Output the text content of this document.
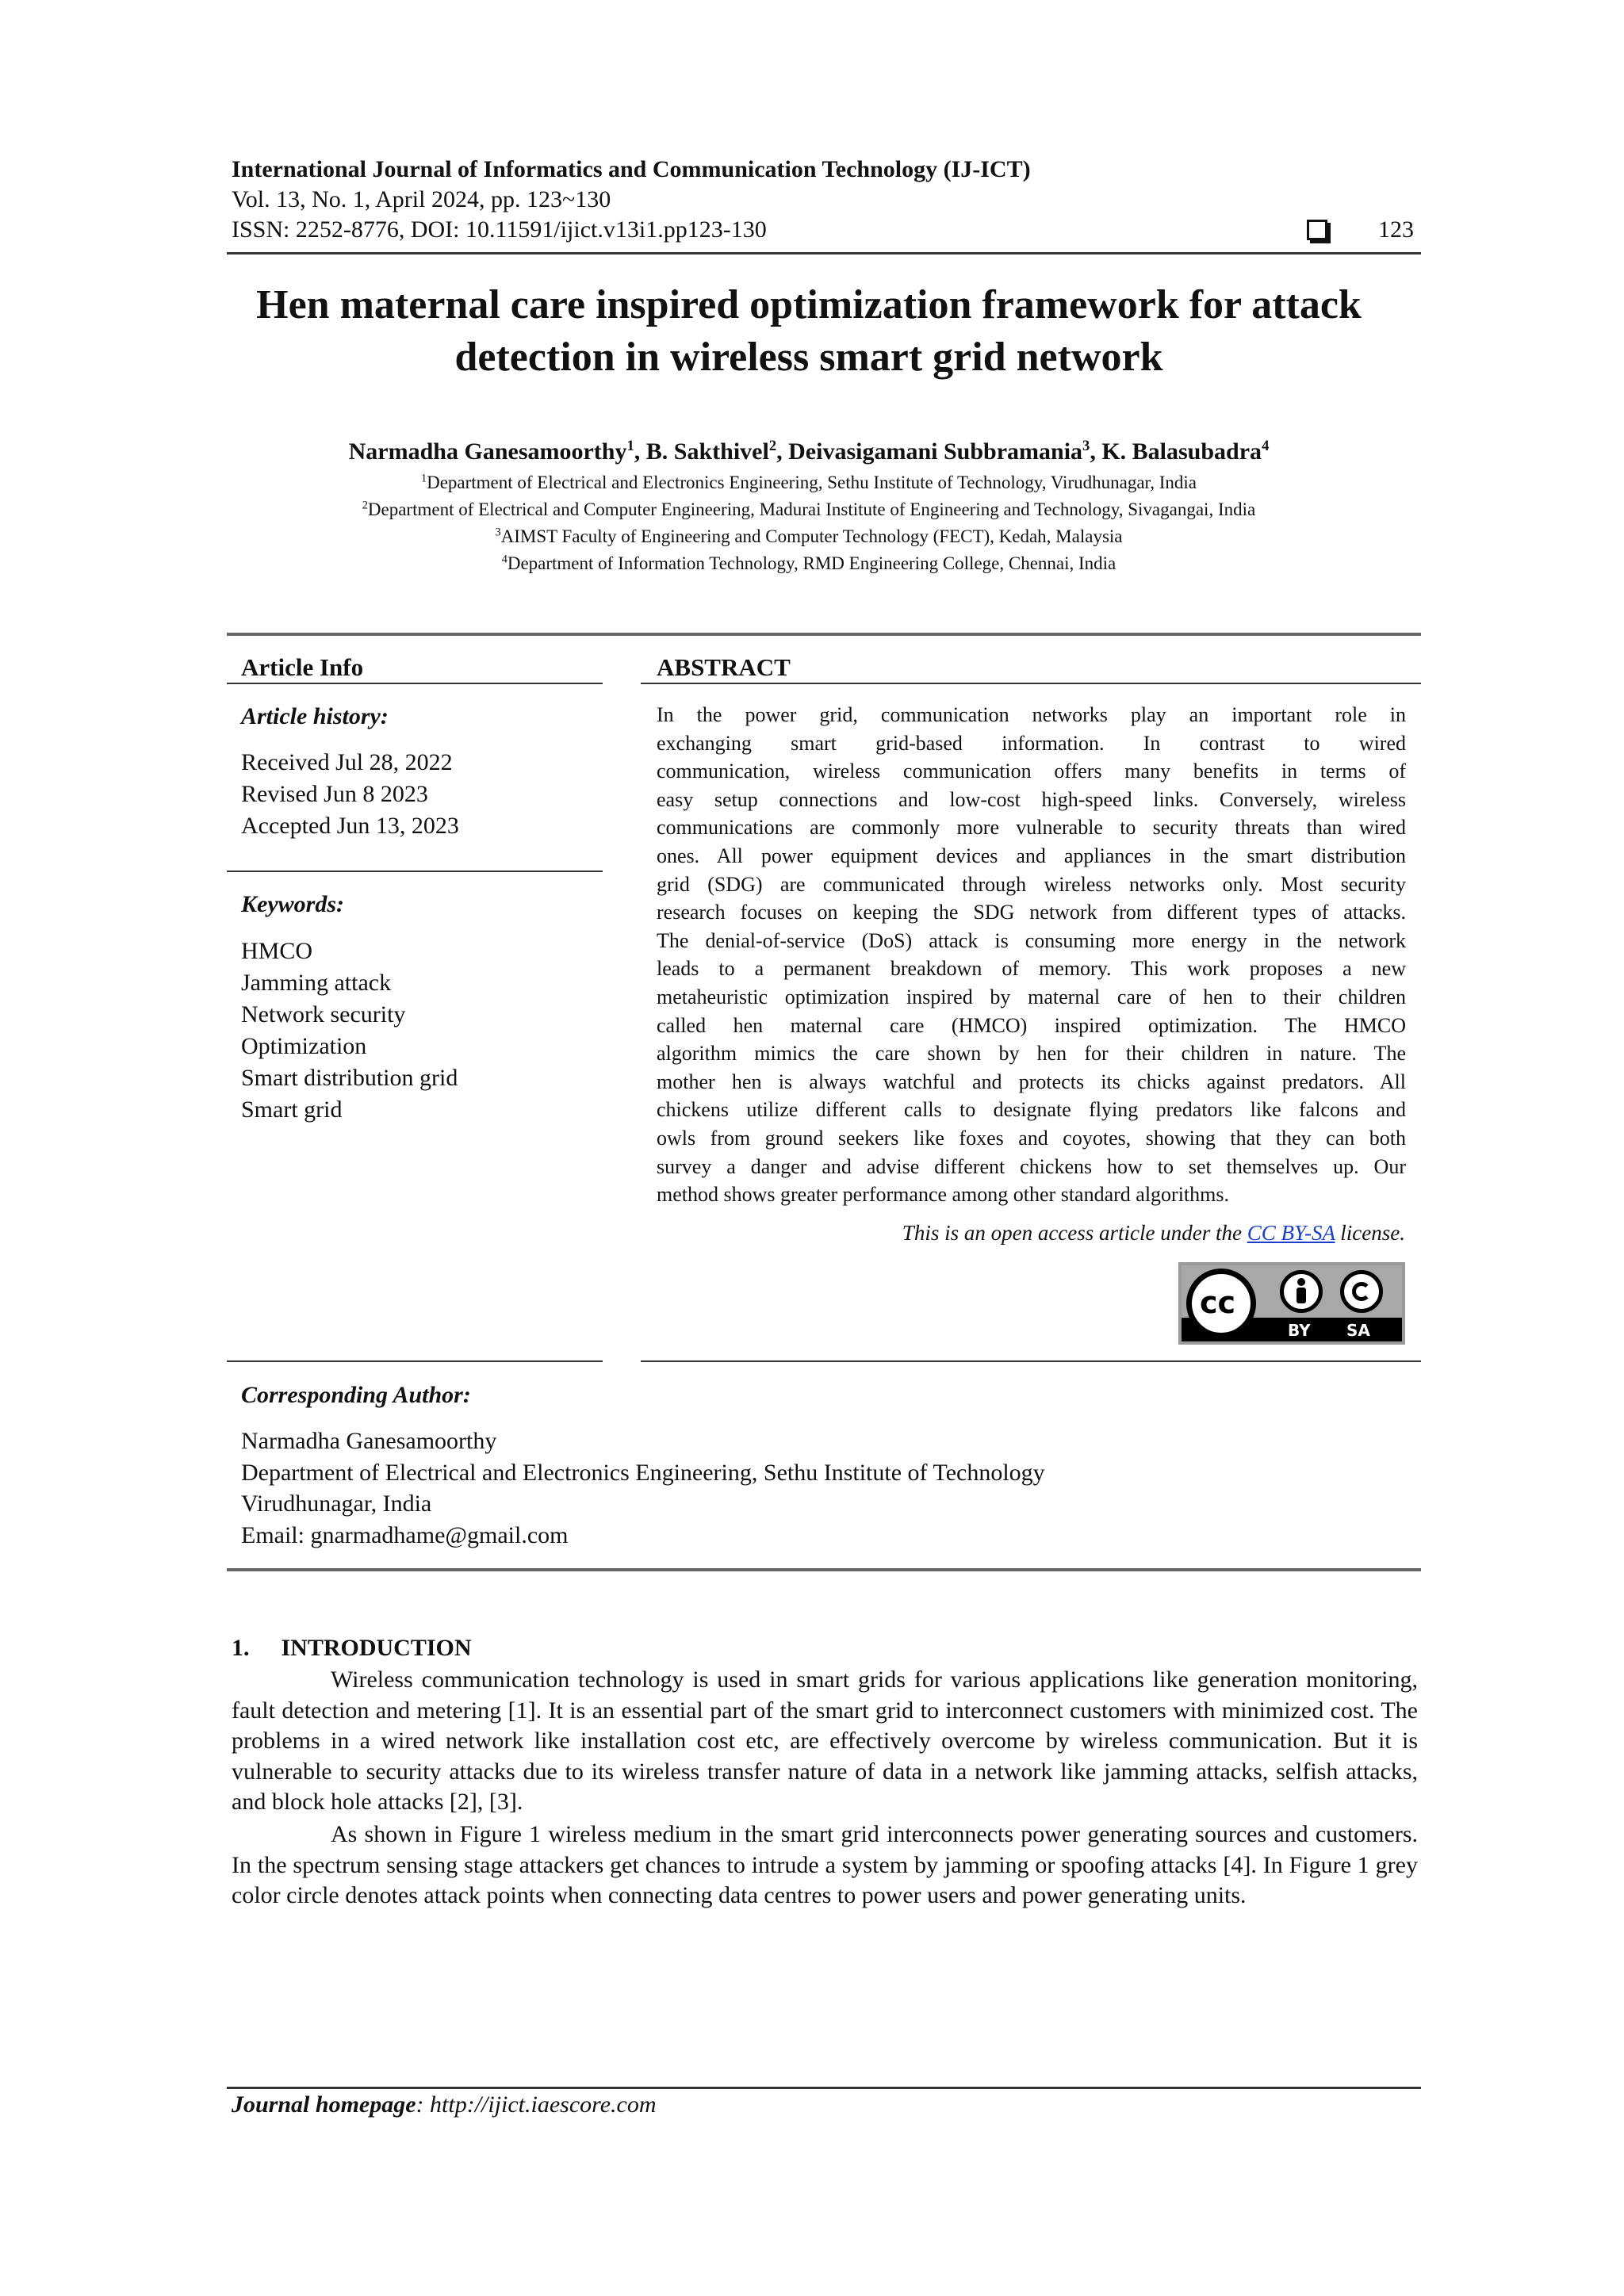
International Journal of Informatics and Communication Technology (IJ-ICT)
Vol. 13, No. 1, April 2024, pp. 123~130
ISSN: 2252-8776, DOI: 10.11591/ijict.v13i1.pp123-130	123
Hen maternal care inspired optimization framework for attack
detection in wireless smart grid network
Narmadha Ganesamoorthy$^1$, B. Sakthivel$^2$, Deivasigamani Subbramania$^3$, K. Balasubadra$^4$
$^1$Department of Electrical and Electronics Engineering, Sethu Institute of Technology, Virudhunagar, India
$^2$Department of Electrical and Computer Engineering, Madurai Institute of Engineering and Technology, Sivagangai, India
$^3$AIMST Faculty of Engineering and Computer Technology (FECT), Kedah, Malaysia
$^4$Department of Information Technology, RMD Engineering College, Chennai, India
Article Info
Article history:
Received Jul 28, 2022
Revised Jun 8 2023
Accepted Jun 13, 2023
Keywords:
HMCO
Jamming attack
Network security
Optimization
Smart distribution grid
Smart grid
ABSTRACT
In the power grid, communication networks play an important role in
exchanging smart grid-based information. In contrast to wired
communication, wireless communication offers many benefits in terms of
easy setup connections and low-cost high-speed links. Conversely, wireless
communications are commonly more vulnerable to security threats than wired
ones. All power equipment devices and appliances in the smart distribution
grid (SDG) are communicated through wireless networks only. Most security
research focuses on keeping the SDG network from different types of attacks.
The denial-of-service (DoS) attack is consuming more energy in the network
leads to a permanent breakdown of memory. This work proposes a new
metaheuristic optimization inspired by maternal care of hen to their children
called hen maternal care (HMCO) inspired optimization. The HMCO
algorithm mimics the care shown by hen for their children in nature. The
mother hen is always watchful and protects its chicks against predators. All
chickens utilize different calls to designate flying predators like falcons and
owls from ground seekers like foxes and coyotes, showing that they can both
survey a danger and advise different chickens how to set themselves up. Our
method shows greater performance among other standard algorithms.
This is an open access article under the CC BY-SA license.
cc
BY SA
Corresponding Author:
Narmadha Ganesamoorthy
Department of Electrical and Electronics Engineering, Sethu Institute of Technology
Virudhunagar, India
Email: gnarmadhame@gmail.com
1. INTRODUCTION
Wireless communication technology is used in smart grids for various applications like generation monitoring, fault detection and metering [1]. It is an essential part of the smart grid to interconnect customers with minimized cost. The problems in a wired network like installation cost etc, are effectively overcome by wireless communication. But it is vulnerable to security attacks due to its wireless transfer nature of data in a network like jamming attacks, selfish attacks, and block hole attacks [2], [3].
As shown in Figure 1 wireless medium in the smart grid interconnects power generating sources and customers. In the spectrum sensing stage attackers get chances to intrude a system by jamming or spoofing attacks [4]. In Figure 1 grey color circle denotes attack points when connecting data centres to power users and power generating units.
Journal homepage: http://ijict.iaescore.com
